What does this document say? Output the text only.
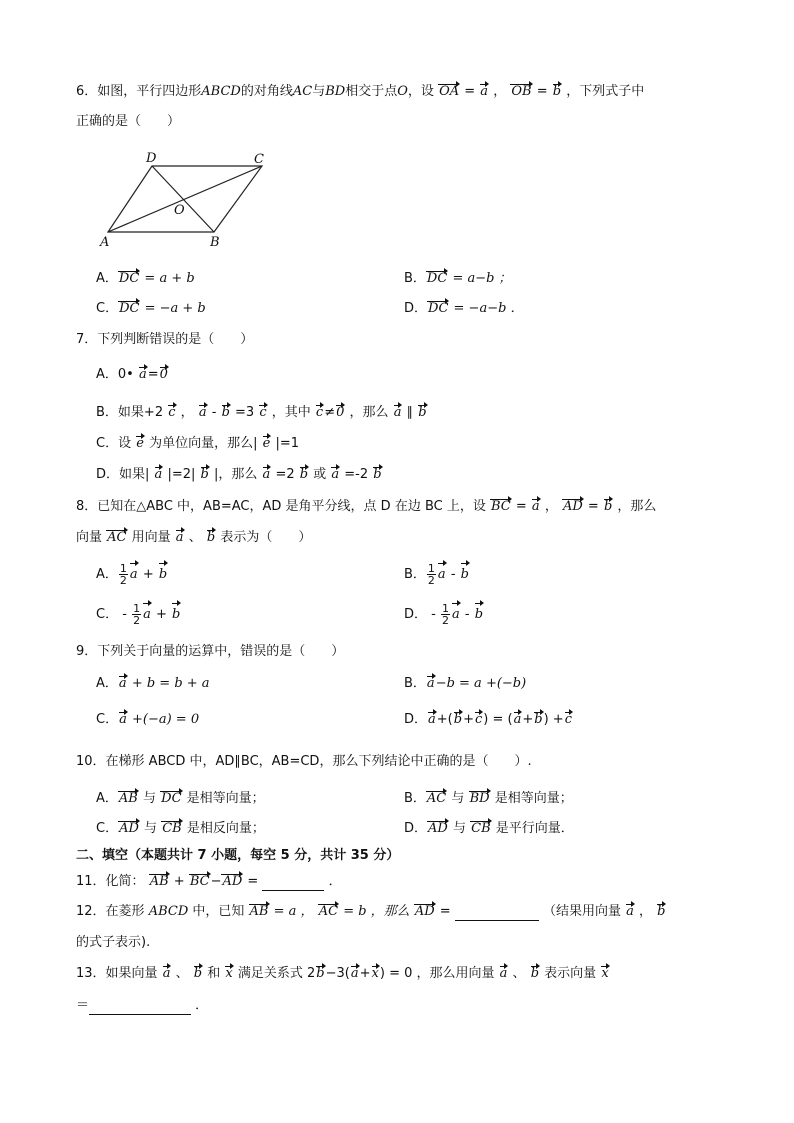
6．如图，平行四边形ABCD的对角线AC与BD相交于点O，设 OA = a ， OB = b ，下列式子中
正确的是（　　）
D	C
O
A	B
A．DC = a + b	B．DC = a−b ；
C．DC = −a + b	D．DC = −a−b ．
7．下列判断错误的是（　　）
A．0• a=0
B．如果+2 c ， a - b =3 c ，其中 c≠0 ，那么 a ∥ b
C．设 e 为单位向量，那么| e |=1
D．如果| a |=2| b |，那么 a =2 b 或 a =-2 b
8．已知在△ABC 中，AB=AC，AD 是角平分线，点 D 在边 BC 上，设 BC = a ， AD = b ，那么
向量 AC 用向量 a 、 b 表示为（　　）
A． $\frac{1}{2}$ a + b	B． $\frac{1}{2}$ a - b
C． - $\frac{1}{2}$ a + b	D． - $\frac{1}{2}$ a - b
9．下列关于向量的运算中，错误的是（　　）
A．a + b = b + a	B．a−b = a +(−b)
C．a +(−a) = 0	D．a+(b+c) = (a+b) +c
10．在梯形 ABCD 中，AD∥BC，AB=CD，那么下列结论中正确的是（　　）.
A．AB 与 DC 是相等向量；	B．AC 与 BD 是相等向量；
C．AD 与 CB 是相反向量；	D．AD 与 CB 是平行向量．
二、填空（本题共计 7 小题，每空 5 分，共计 35 分）
11．化简： AB + BC−AD =	．
12．在菱形 ABCD 中，已知 AB = a ， AC = b ，那么 AD =	（结果用向量 a ， b
的式子表示).
13．如果向量 a 、 b 和 x 满足关系式 2b−3(a+x) = 0 ，那么用向量 a 、 b 表示向量 x
＝	．
